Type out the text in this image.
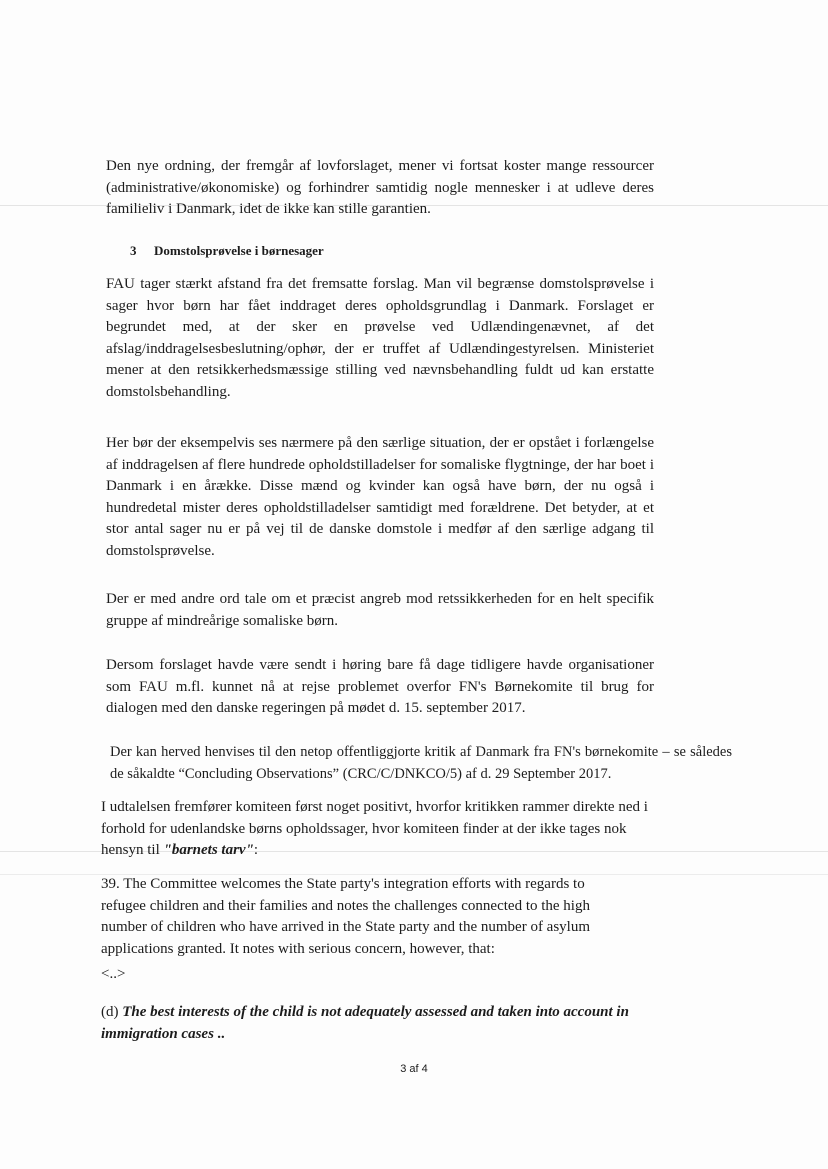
Den nye ordning, der fremgår af lovforslaget, mener vi fortsat koster mange ressourcer (administrative/økonomiske) og forhindrer samtidig nogle mennesker i at udleve deres familieliv i Danmark, idet de ikke kan stille garantien.

3 Domstolsprøvelse i børnesager

FAU tager stærkt afstand fra det fremsatte forslag. Man vil begrænse domstolsprøvelse i sager hvor børn har fået inddraget deres opholdsgrundlag i Danmark. Forslaget er begrundet med, at der sker en prøvelse ved Udlændingenævnet, af det afslag/inddragelsesbeslutning/ophør, der er truffet af Udlændingestyrelsen. Ministeriet mener at den retsikkerhedsmæssige stilling ved nævnsbehandling fuldt ud kan erstatte domstolsbehandling.

Her bør der eksempelvis ses nærmere på den særlige situation, der er opstået i forlængelse af inddragelsen af flere hundrede opholdstilladelser for somaliske flygtninge, der har boet i Danmark i en årække. Disse mænd og kvinder kan også have børn, der nu også i hundredetal mister deres opholdstilladelser samtidigt med forældrene. Det betyder, at et stor antal sager nu er på vej til de danske domstole i medfør af den særlige adgang til domstolsprøvelse.

Der er med andre ord tale om et præcist angreb mod retssikkerheden for en helt specifik gruppe af mindreårige somaliske børn.

Dersom forslaget havde være sendt i høring bare få dage tidligere havde organisationer som FAU m.fl. kunnet nå at rejse problemet overfor FN's Børnekomite til brug for dialogen med den danske regeringen på mødet d. 15. september 2017.

Der kan herved henvises til den netop offentliggjorte kritik af Danmark fra FN's børnekomite – se således de såkaldte “Concluding Observations” (CRC/C/DNKCO/5) af d. 29 September 2017.

I udtalelsen fremfører komiteen først noget positivt, hvorfor kritikken rammer direkte ned i forhold for udenlandske børns opholdssager, hvor komiteen finder at der ikke tages nok hensyn til "barnets tarv":

39. The Committee welcomes the State party's integration efforts with regards to refugee children and their families and notes the challenges connected to the high number of children who have arrived in the State party and the number of asylum applications granted. It notes with serious concern, however, that:

<..>

(d) The best interests of the child is not adequately assessed and taken into account in immigration cases ..

3 af 4
